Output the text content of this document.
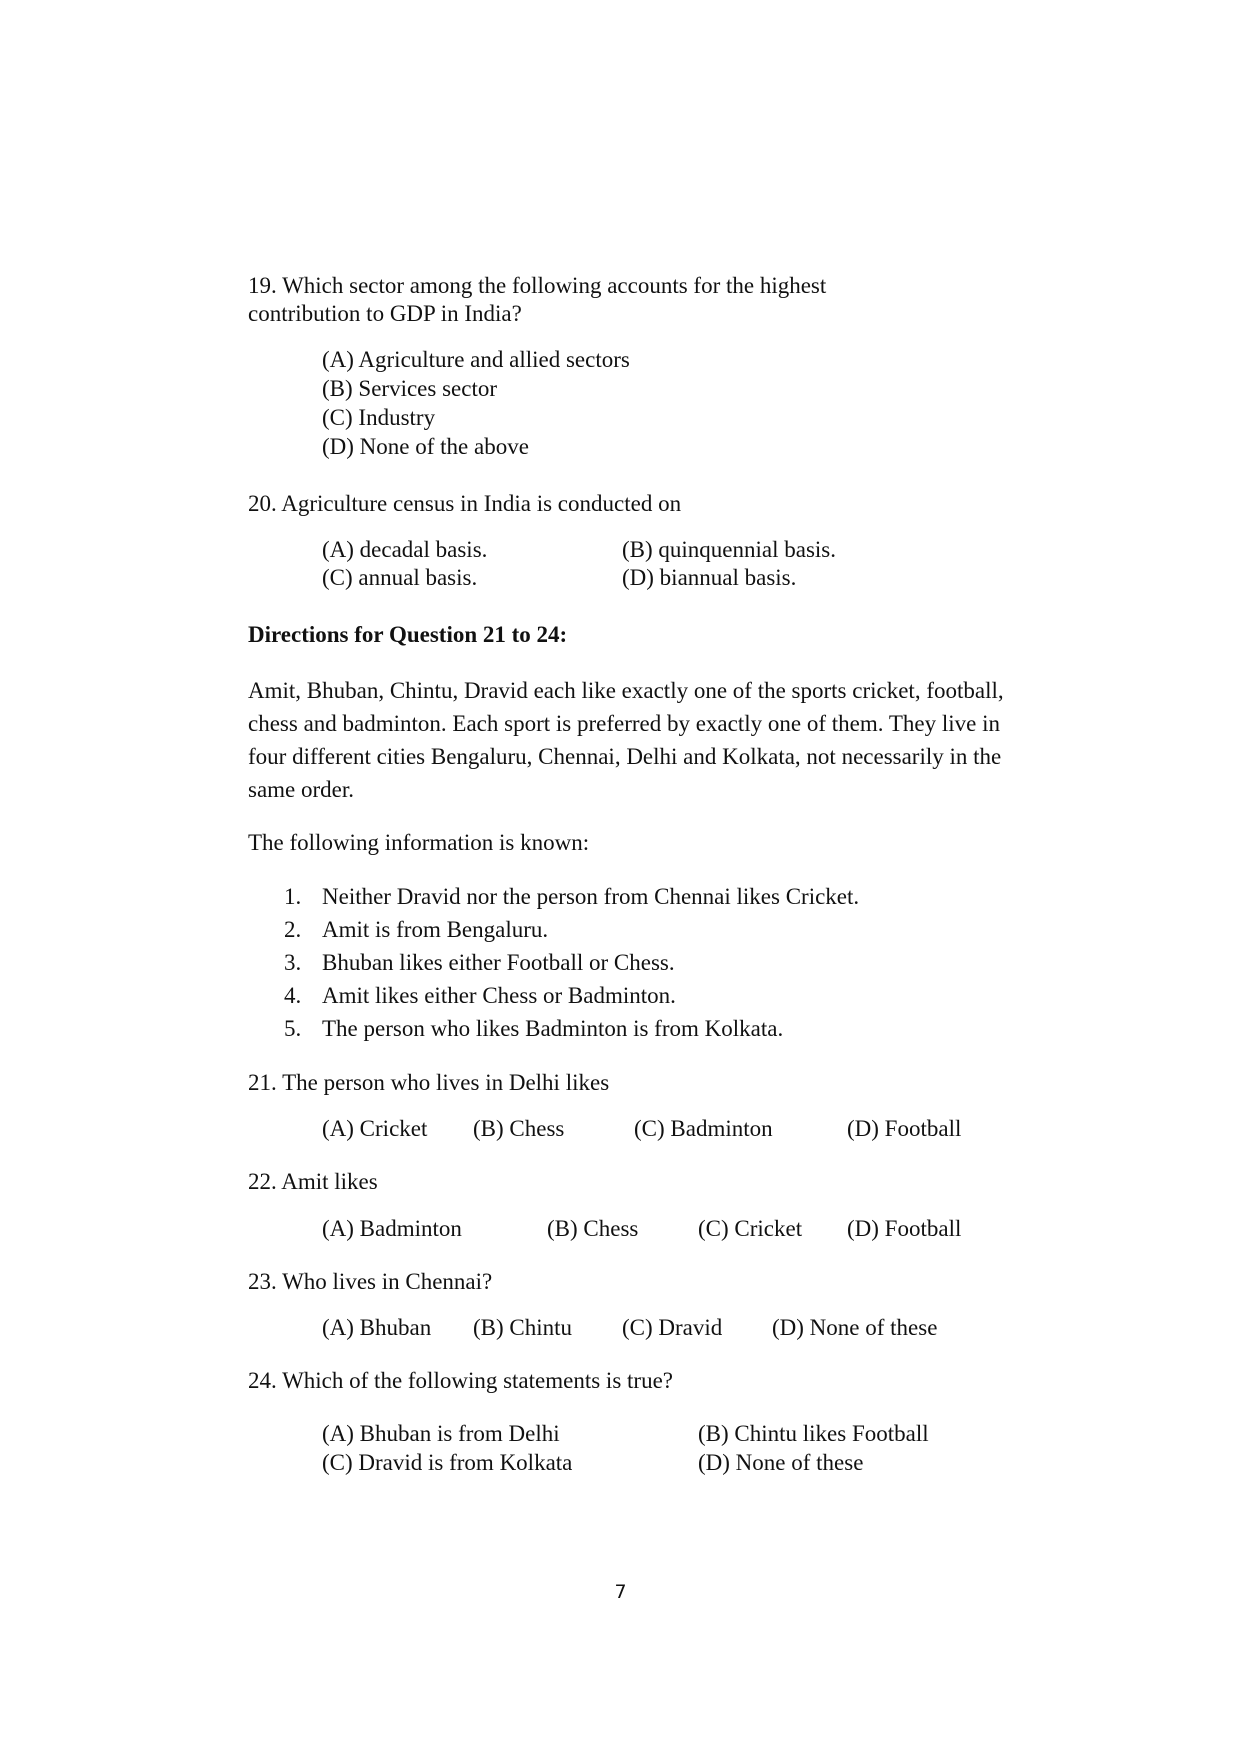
19. Which sector among the following accounts for the highest
contribution to GDP in India?
(A) Agriculture and allied sectors
(B) Services sector
(C) Industry
(D) None of the above
20. Agriculture census in India is conducted on
(A) decadal basis.	(B) quinquennial basis.
(C) annual basis.	(D) biannual basis.
Directions for Question 21 to 24:
Amit, Bhuban, Chintu, Dravid each like exactly one of the sports cricket, football, chess and badminton. Each sport is preferred by exactly one of them. They live in four different cities Bengaluru, Chennai, Delhi and Kolkata, not necessarily in the same order.
The following information is known:
1. Neither Dravid nor the person from Chennai likes Cricket.
2. Amit is from Bengaluru.
3. Bhuban likes either Football or Chess.
4. Amit likes either Chess or Badminton.
5. The person who likes Badminton is from Kolkata.
21. The person who lives in Delhi likes
(A) Cricket (B) Chess	(C) Badminton	(D) Football
22. Amit likes
(A) Badminton	(B) Chess	(C) Cricket (D) Football
23. Who lives in Chennai?
(A) Bhuban (B) Chintu (C) Dravid (D) None of these
24. Which of the following statements is true?
(A) Bhuban is from Delhi	(B) Chintu likes Football
(C) Dravid is from Kolkata	(D) None of these
7
